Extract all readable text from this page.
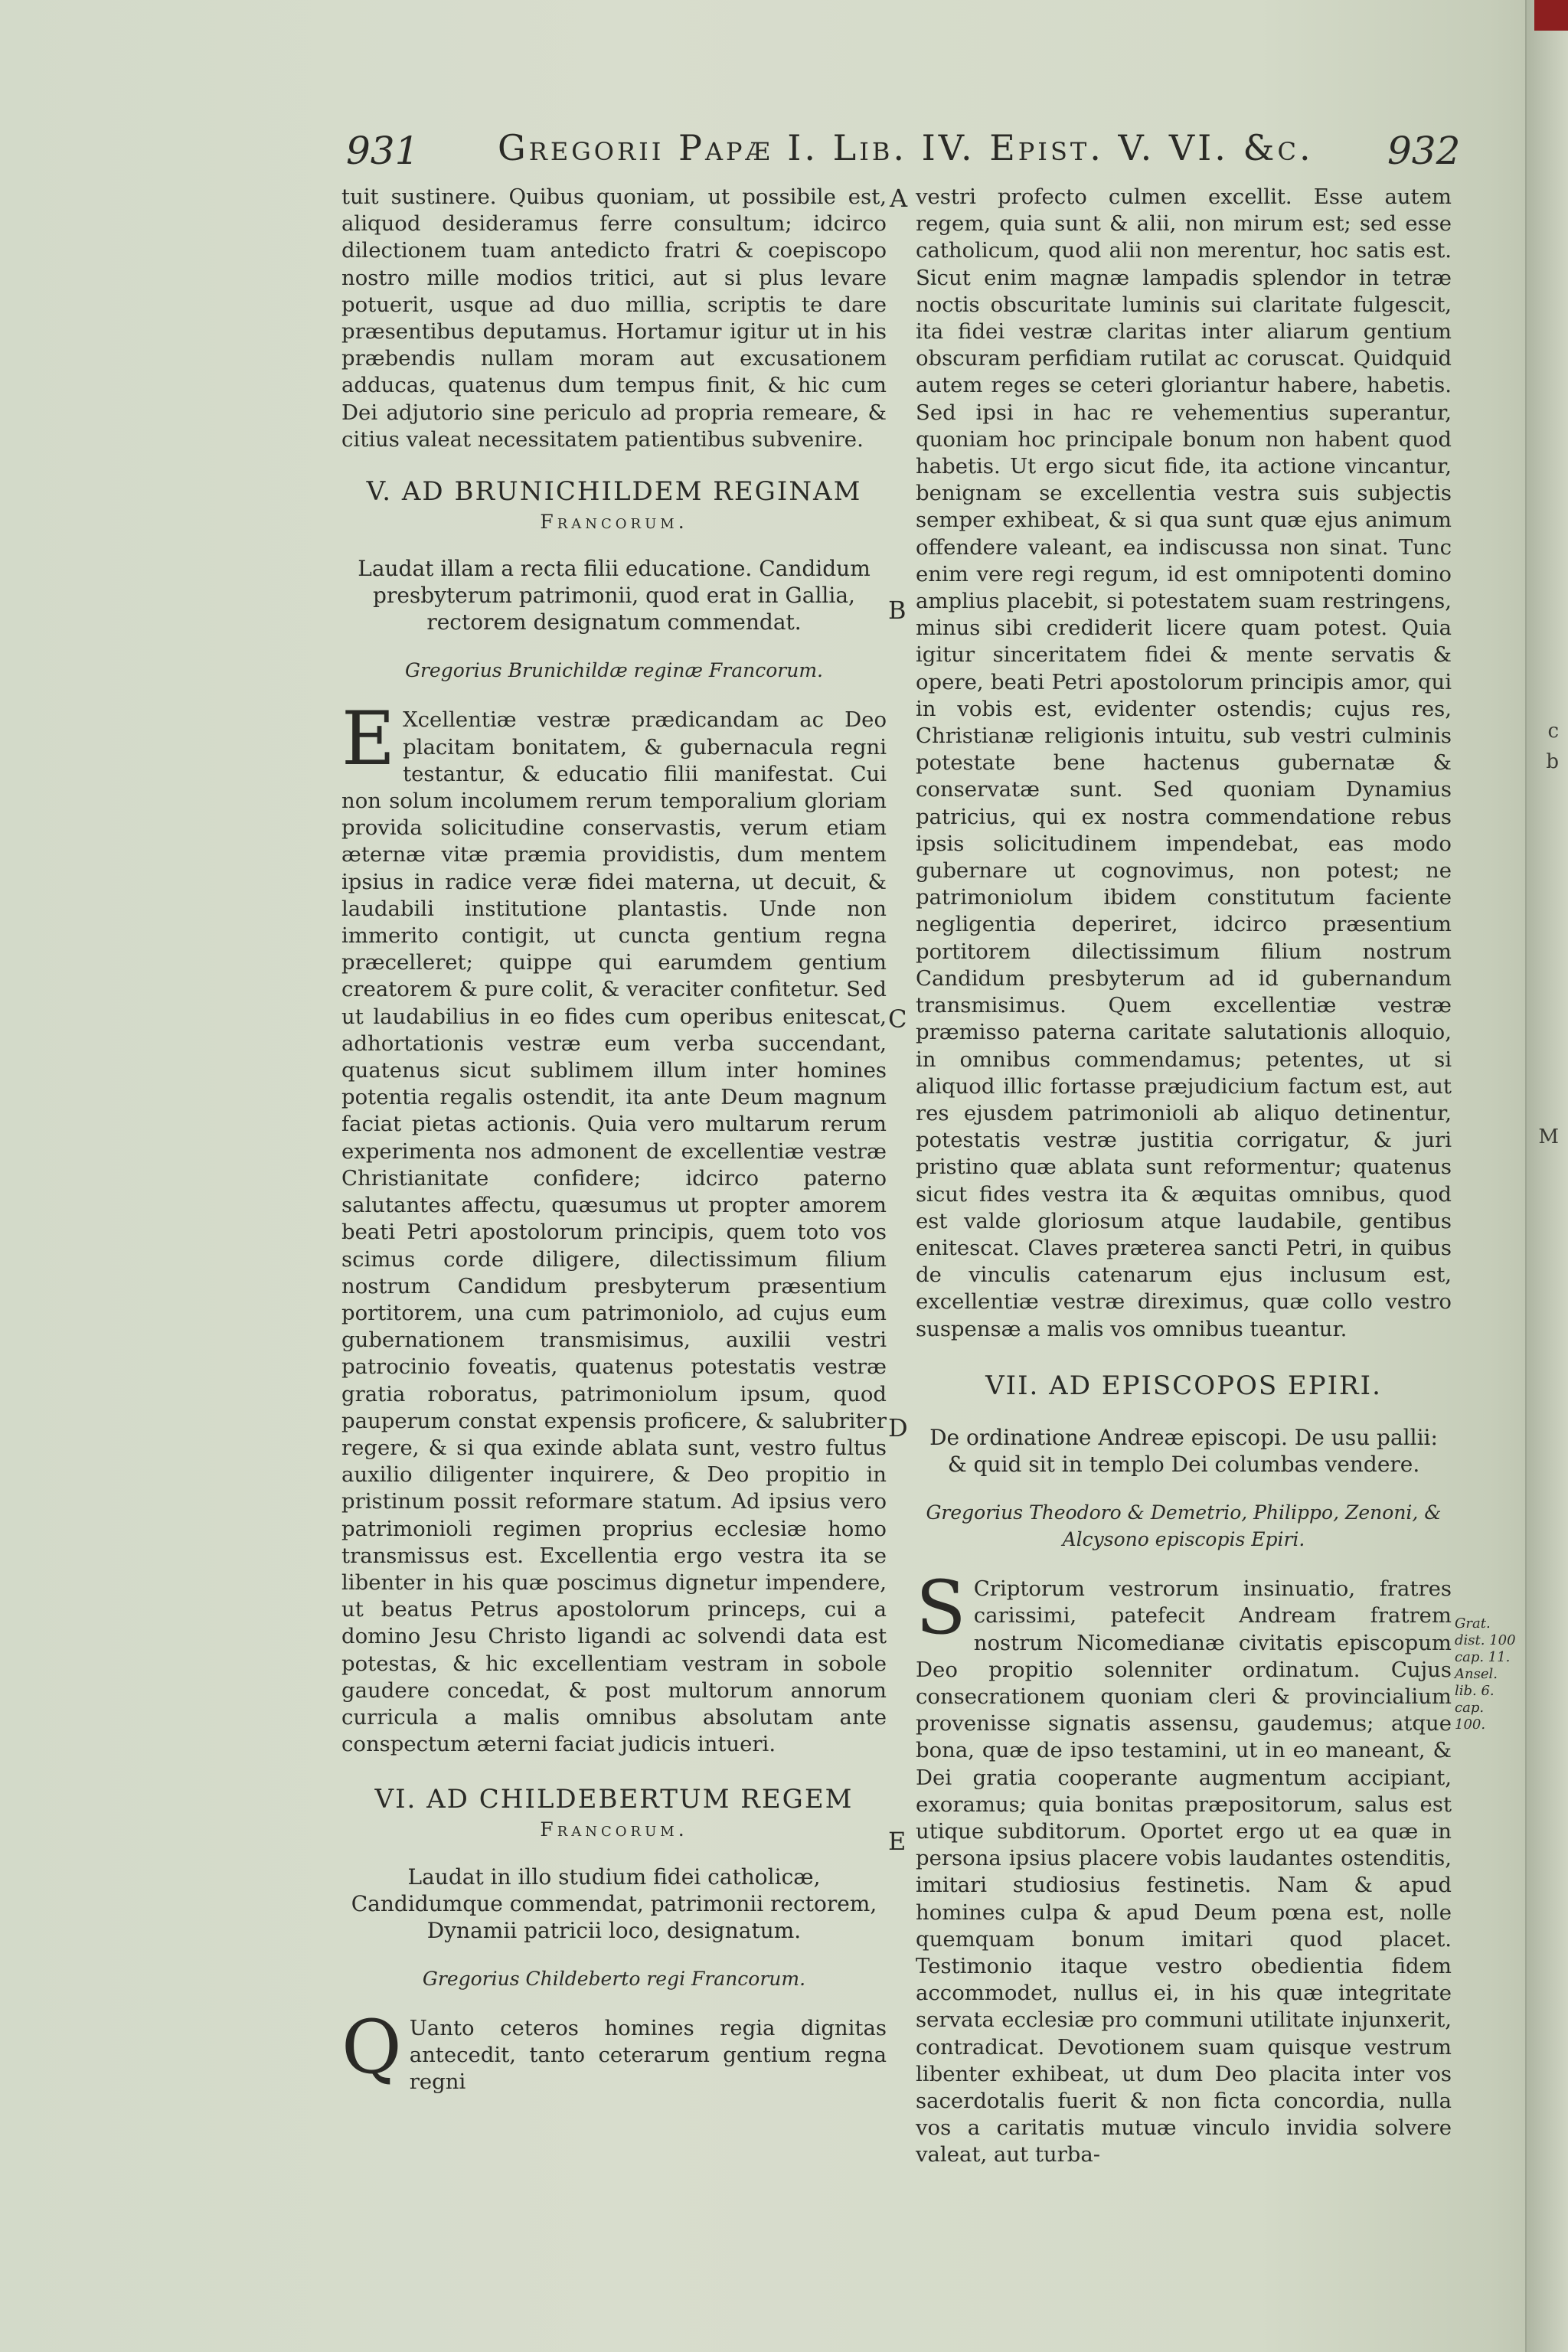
c
b
M
931 Gregorii Papæ I. Lib. IV. Epist. V. VI. &c. 932
A
B
C
D
E

tuit sustinere. Quibus quoniam, ut possibile est, aliquod desideramus ferre consultum; idcirco dilectionem tuam antedicto fratri & coepiscopo nostro mille modios tritici, aut si plus levare potuerit, usque ad duo millia, scriptis te dare præsentibus deputamus. Hortamur igitur ut in his præbendis nullam moram aut excusationem adducas, quatenus dum tempus finit, & hic cum Dei adjutorio sine periculo ad propria remeare, & citius valeat necessitatem patientibus subvenire.

V. AD BRUNICHILDEM REGINAM
Francorum.
Laudat illam a recta filii educatione. Candidum presbyterum patrimonii, quod erat in Gallia, rectorem designatum commendat.
Gregorius Brunichildæ reginæ Francorum.

E Xcellentiæ vestræ prædicandam ac Deo placitam bonitatem, & gubernacula regni testantur, & educatio filii manifestat. Cui non solum incolumem rerum temporalium gloriam provida solicitudine conservastis, verum etiam æternæ vitæ præmia providistis, dum mentem ipsius in radice veræ fidei materna, ut decuit, & laudabili institutione plantastis. Unde non immerito contigit, ut cuncta gentium regna præcelleret; quippe qui earumdem gentium creatorem & pure colit, & veraciter confitetur. Sed ut laudabilius in eo fides cum operibus enitescat, adhortationis vestræ eum verba succendant, quatenus sicut sublimem illum inter homines potentia regalis ostendit, ita ante Deum magnum faciat pietas actionis. Quia vero multarum rerum experimenta nos admonent de excellentiæ vestræ Christianitate confidere; idcirco paterno salutantes affectu, quæsumus ut propter amorem beati Petri apostolorum principis, quem toto vos scimus corde diligere, dilectissimum filium nostrum Candidum presbyterum præsentium portitorem, una cum patrimoniolo, ad cujus eum gubernationem transmisimus, auxilii vestri patrocinio foveatis, quatenus potestatis vestræ gratia roboratus, patrimoniolum ipsum, quod pauperum constat expensis proficere, & salubriter regere, & si qua exinde ablata sunt, vestro fultus auxilio diligenter inquirere, & Deo propitio in pristinum possit reformare statum. Ad ipsius vero patrimonioli regimen proprius ecclesiæ homo transmissus est. Excellentia ergo vestra ita se libenter in his quæ poscimus dignetur impendere, ut beatus Petrus apostolorum princeps, cui a domino Jesu Christo ligandi ac solvendi data est potestas, & hic excellentiam vestram in sobole gaudere concedat, & post multorum annorum curricula a malis omnibus absolutam ante conspectum æterni faciat judicis intueri.

VI. AD CHILDEBERTUM REGEM
Francorum.
Laudat in illo studium fidei catholicæ, Candidumque commendat, patrimonii rectorem, Dynamii patricii loco, designatum.
Gregorius Childeberto regi Francorum.

Q Uanto ceteros homines regia dignitas antecedit, tanto ceterarum gentium regna regni

vestri profecto culmen excellit. Esse autem regem, quia sunt & alii, non mirum est; sed esse catholicum, quod alii non merentur, hoc satis est. Sicut enim magnæ lampadis splendor in tetræ noctis obscuritate luminis sui claritate fulgescit, ita fidei vestræ claritas inter aliarum gentium obscuram perfidiam rutilat ac coruscat. Quidquid autem reges se ceteri gloriantur habere, habetis. Sed ipsi in hac re vehementius superantur, quoniam hoc principale bonum non habent quod habetis. Ut ergo sicut fide, ita actione vincantur, benignam se excellentia vestra suis subjectis semper exhibeat, & si qua sunt quæ ejus animum offendere valeant, ea indiscussa non sinat. Tunc enim vere regi regum, id est omnipotenti domino amplius placebit, si potestatem suam restringens, minus sibi crediderit licere quam potest. Quia igitur sinceritatem fidei & mente servatis & opere, beati Petri apostolorum principis amor, qui in vobis est, evidenter ostendis; cujus res, Christianæ religionis intuitu, sub vestri culminis potestate bene hactenus gubernatæ & conservatæ sunt. Sed quoniam Dynamius patricius, qui ex nostra commendatione rebus ipsis solicitudinem impendebat, eas modo gubernare ut cognovimus, non potest; ne patrimoniolum ibidem constitutum faciente negligentia deperiret, idcirco præsentium portitorem dilectissimum filium nostrum Candidum presbyterum ad id gubernandum transmisimus. Quem excellentiæ vestræ præmisso paterna caritate salutationis alloquio, in omnibus commendamus; petentes, ut si aliquod illic fortasse præjudicium factum est, aut res ejusdem patrimonioli ab aliquo detinentur, potestatis vestræ justitia corrigatur, & juri pristino quæ ablata sunt reformentur; quatenus sicut fides vestra ita & æquitas omnibus, quod est valde gloriosum atque laudabile, gentibus enitescat. Claves præterea sancti Petri, in quibus de vinculis catenarum ejus inclusum est, excellentiæ vestræ direximus, quæ collo vestro suspensæ a malis vos omnibus tueantur.

VII. AD EPISCOPOS EPIRI.
De ordinatione Andreæ episcopi. De usu pallii: & quid sit in templo Dei columbas vendere.
Gregorius Theodoro & Demetrio, Philippo, Zenoni, & Alcysono episcopis Epiri.

S Criptorum vestrorum insinuatio, fratres carissimi, patefecit Andream fratrem nostrum Nicomedianæ civitatis episcopum Deo propitio solenniter ordinatum. Cujus consecrationem quoniam cleri & provincialium provenisse signatis assensu, gaudemus; atque bona, quæ de ipso testamini, ut in eo maneant, & Dei gratia cooperante augmentum accipiant, exoramus; quia bonitas præpositorum, salus est utique subditorum. Oportet ergo ut ea quæ in persona ipsius placere vobis laudantes ostenditis, imitari studiosius festinetis. Nam & apud homines culpa & apud Deum pœna est, nolle quemquam bonum imitari quod placet. Testimonio itaque vestro obedientia fidem accommodet, nullus ei, in his quæ integritate servata ecclesiæ pro communi utilitate injunxerit, contradicat. Devotionem suam quisque vestrum libenter exhibeat, ut dum Deo placita inter vos sacerdotalis fuerit & non ficta concordia, nulla vos a caritatis mutuæ vinculo invidia solvere valeat, aut turba-

Grat. dist. 100 cap. 11. Ansel. lib. 6. cap. 100.
